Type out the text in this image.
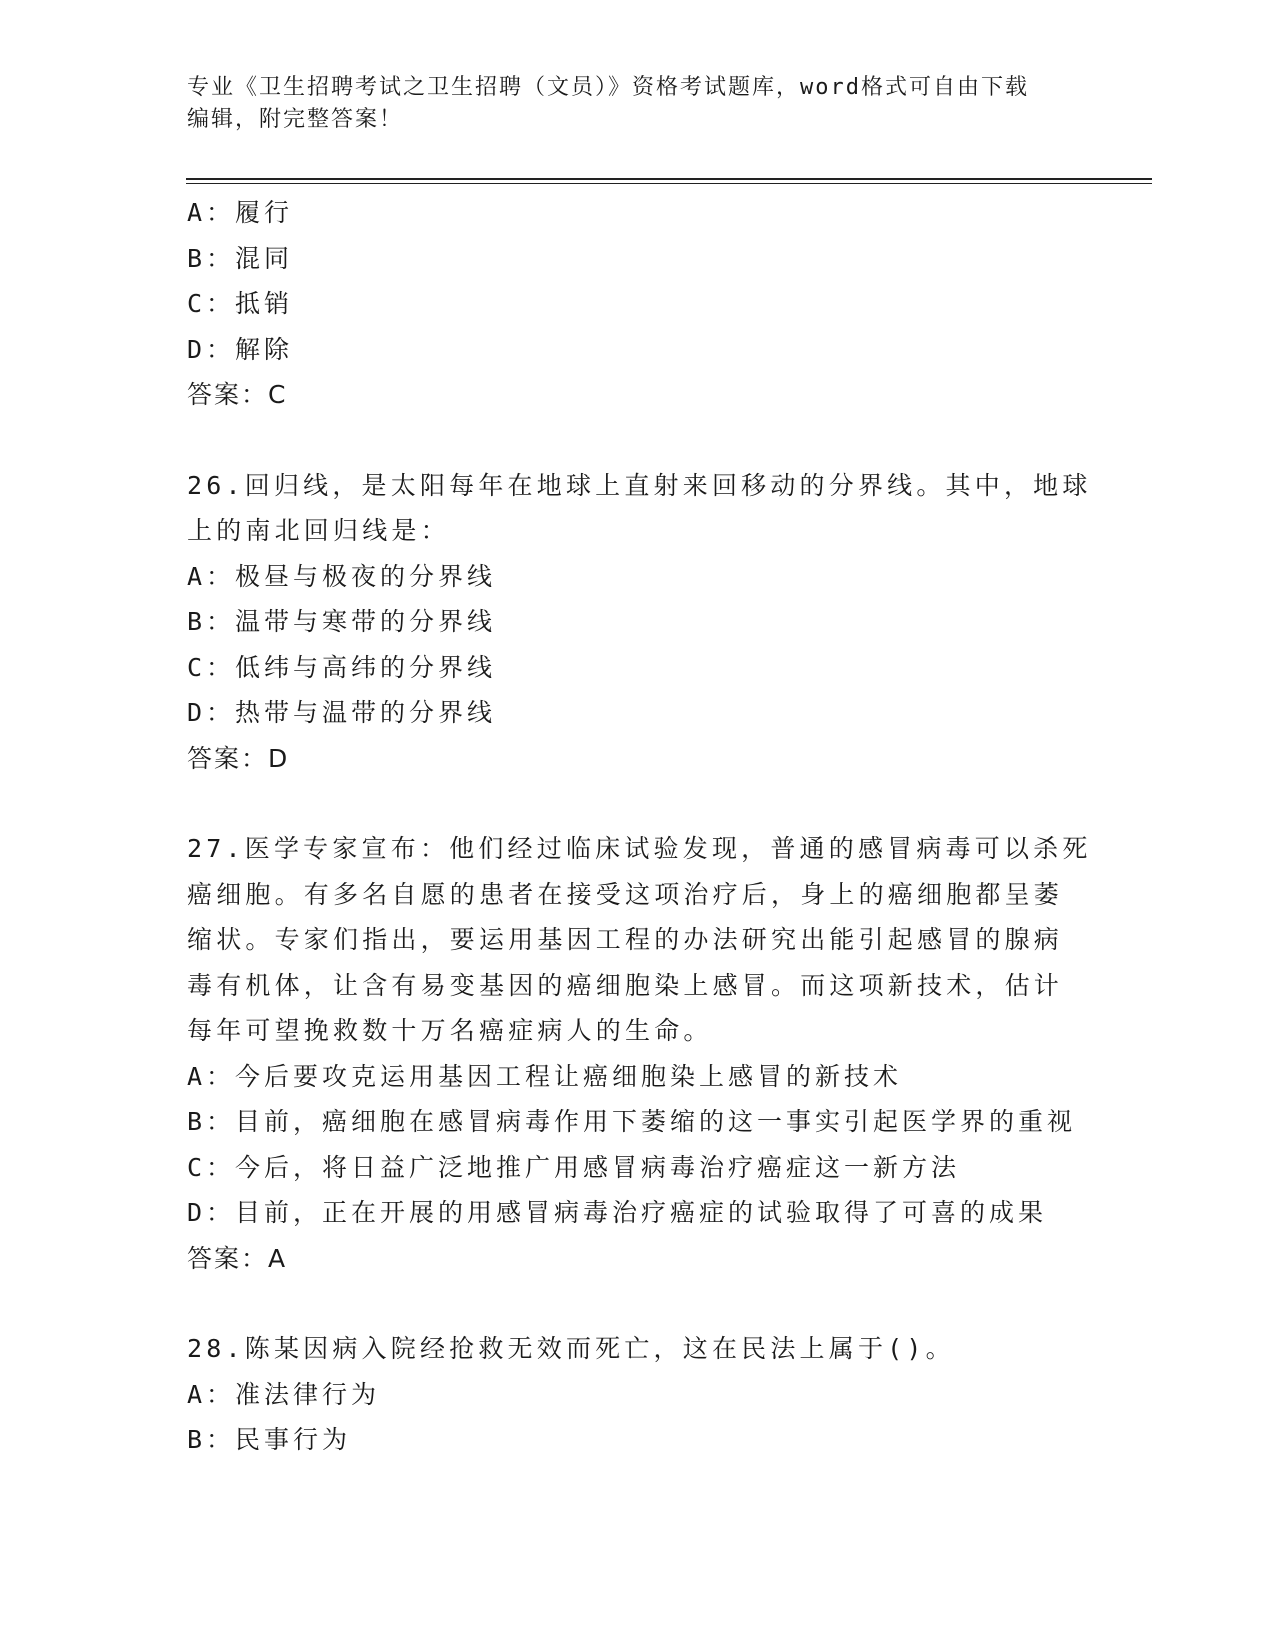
专业《卫生招聘考试之卫生招聘（文员）》资格考试题库，word格式可自由下载
编辑，附完整答案！

A：履行

B：混同

C：抵销

D：解除

答案：C

26.回归线，是太阳每年在地球上直射来回移动的分界线。其中，地球

上的南北回归线是：

A：极昼与极夜的分界线

B：温带与寒带的分界线

C：低纬与高纬的分界线

D：热带与温带的分界线

答案：D

27.医学专家宣布：他们经过临床试验发现，普通的感冒病毒可以杀死

癌细胞。有多名自愿的患者在接受这项治疗后，身上的癌细胞都呈萎

缩状。专家们指出，要运用基因工程的办法研究出能引起感冒的腺病

毒有机体，让含有易变基因的癌细胞染上感冒。而这项新技术，估计

每年可望挽救数十万名癌症病人的生命。

A：今后要攻克运用基因工程让癌细胞染上感冒的新技术

B：目前，癌细胞在感冒病毒作用下萎缩的这一事实引起医学界的重视

C：今后，将日益广泛地推广用感冒病毒治疗癌症这一新方法

D：目前，正在开展的用感冒病毒治疗癌症的试验取得了可喜的成果

答案：A

28.陈某因病入院经抢救无效而死亡，这在民法上属于()。

A：准法律行为

B：民事行为
